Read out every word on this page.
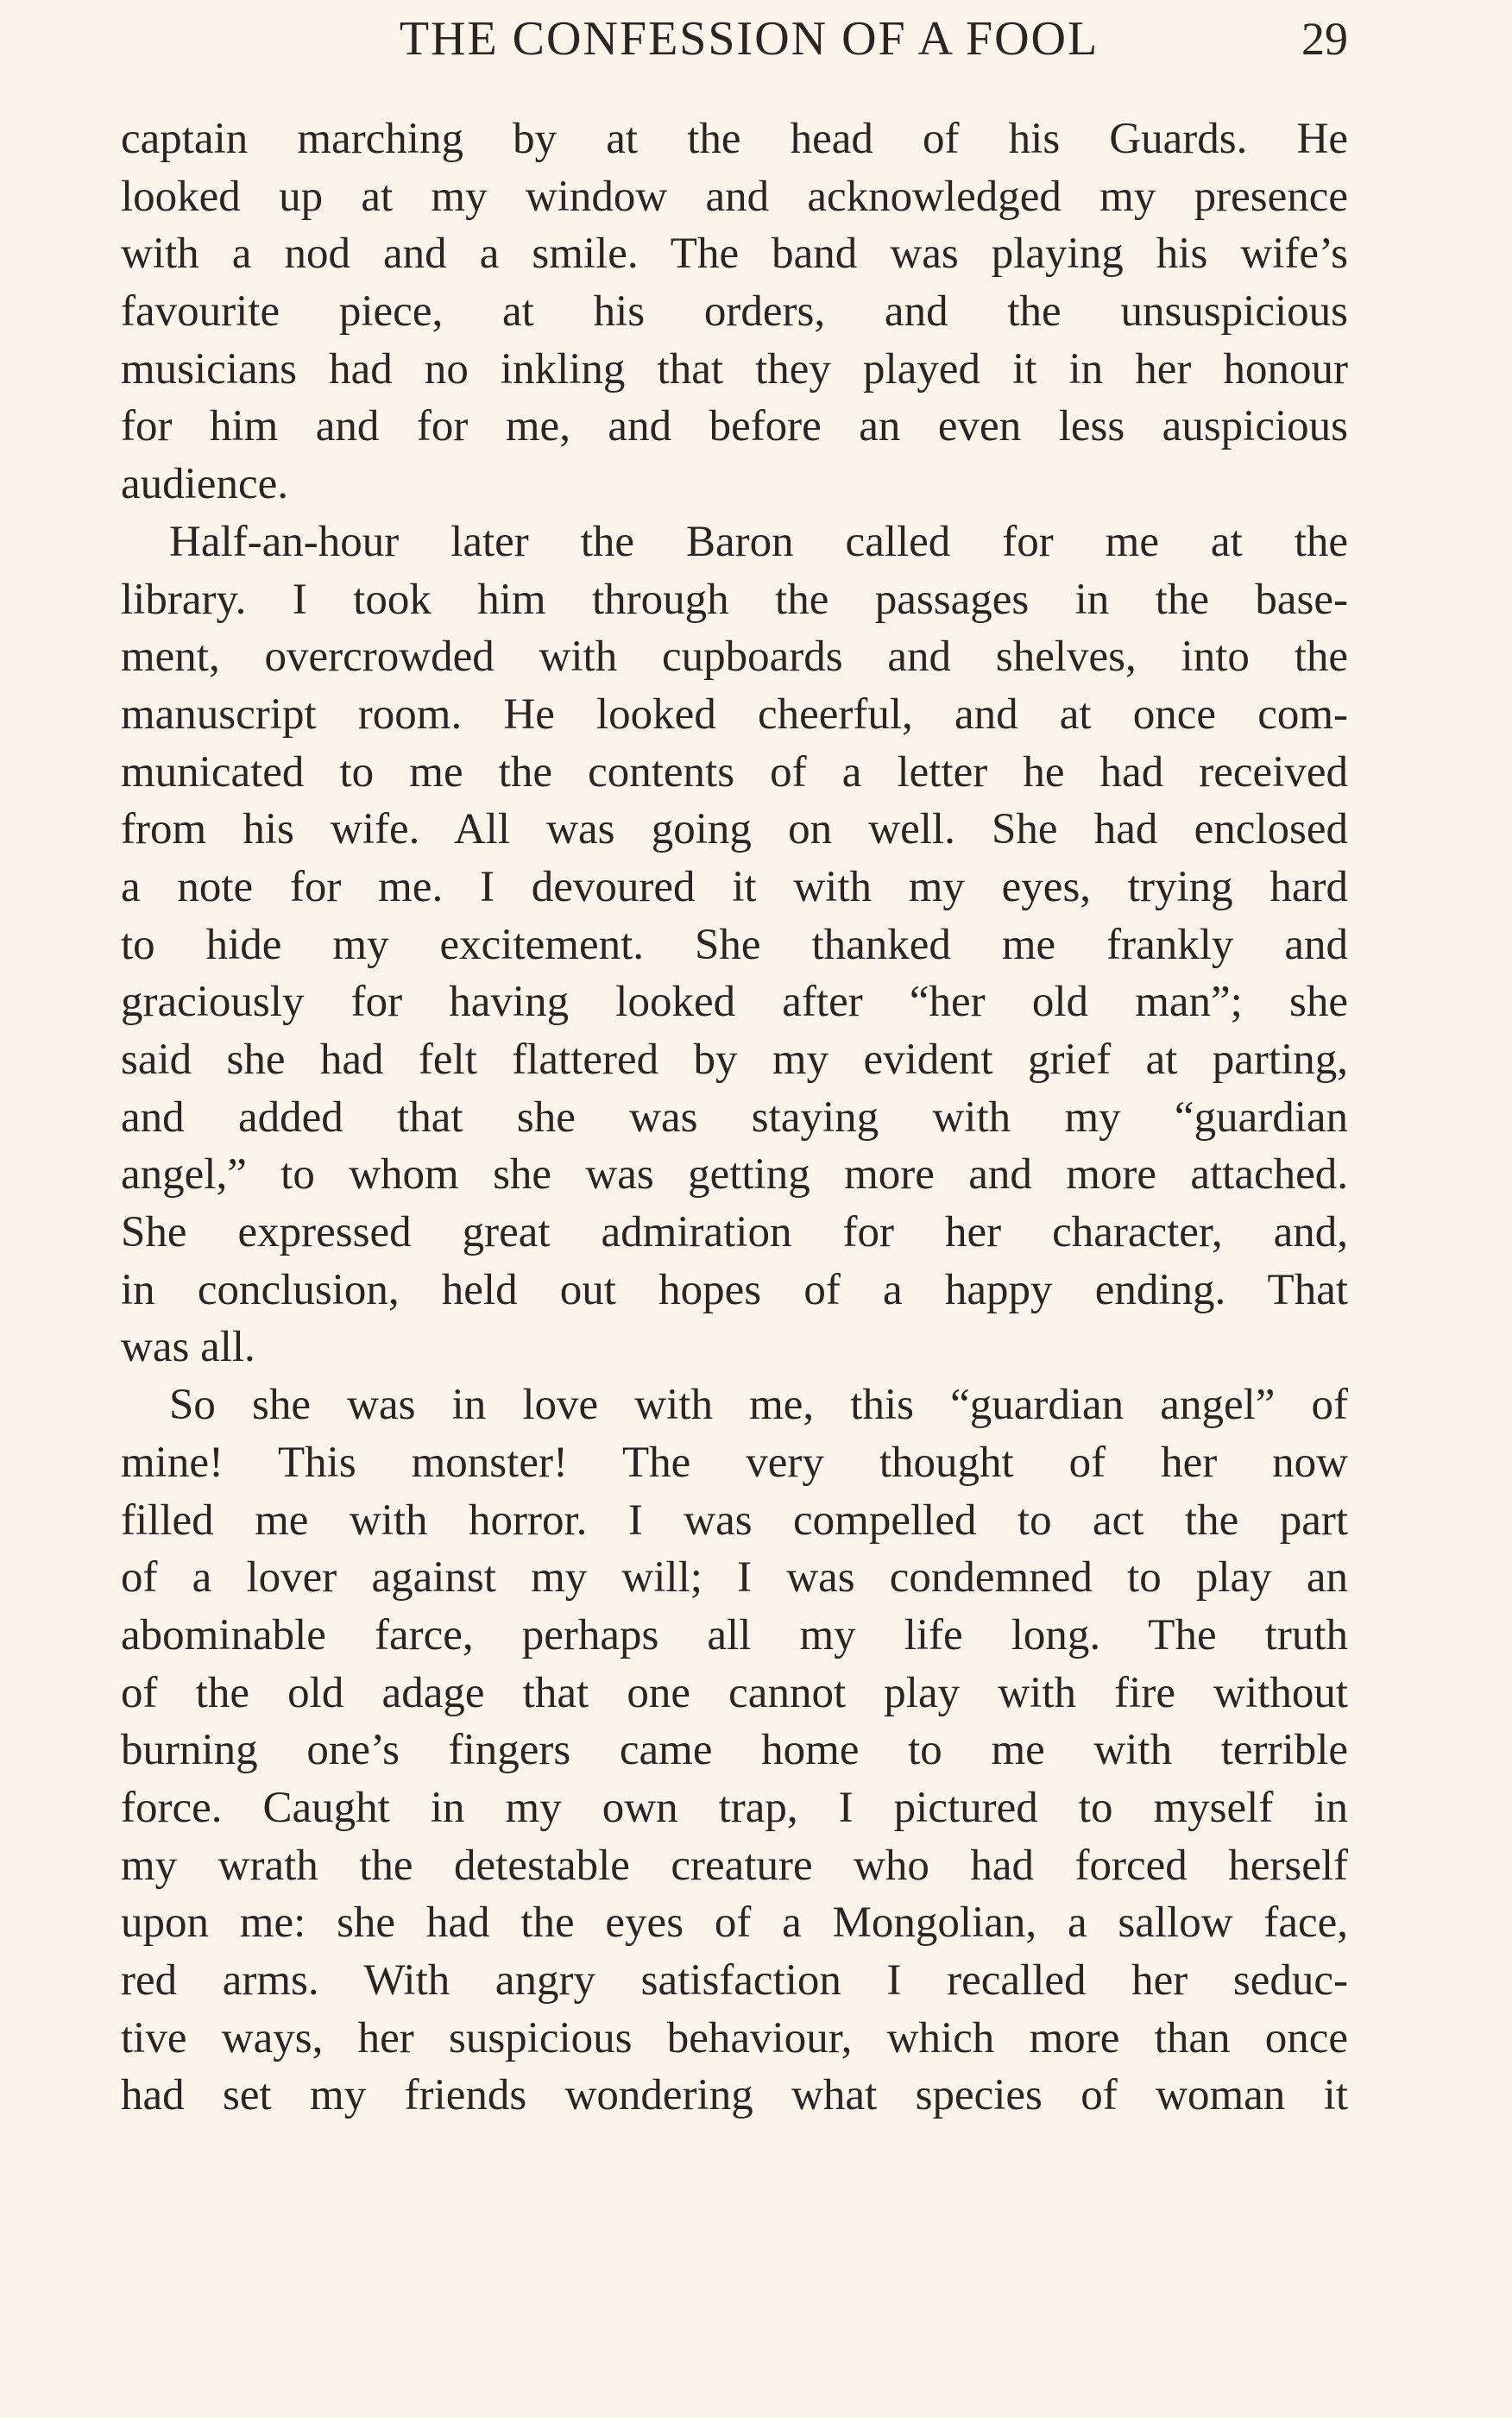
THE CONFESSION OF A FOOL	29
captain marching by at the head of his Guards. He
looked up at my window and acknowledged my presence
with a nod and a smile. The band was playing his wife’s
favourite piece, at his orders, and the unsuspicious
musicians had no inkling that they played it in her honour
for him and for me, and before an even less auspicious
audience.
Half-an-hour later the Baron called for me at the
library. I took him through the passages in the base-
ment, overcrowded with cupboards and shelves, into the
manuscript room. He looked cheerful, and at once com-
municated to me the contents of a letter he had received
from his wife. All was going on well. She had enclosed
a note for me. I devoured it with my eyes, trying hard
to hide my excitement. She thanked me frankly and
graciously for having looked after “her old man”; she
said she had felt flattered by my evident grief at parting,
and added that she was staying with my “guardian
angel,” to whom she was getting more and more attached.
She expressed great admiration for her character, and,
in conclusion, held out hopes of a happy ending. That
was all.
So she was in love with me, this “guardian angel” of
mine! This monster! The very thought of her now
filled me with horror. I was compelled to act the part
of a lover against my will; I was condemned to play an
abominable farce, perhaps all my life long. The truth
of the old adage that one cannot play with fire without
burning one’s fingers came home to me with terrible
force. Caught in my own trap, I pictured to myself in
my wrath the detestable creature who had forced herself
upon me: she had the eyes of a Mongolian, a sallow face,
red arms. With angry satisfaction I recalled her seduc-
tive ways, her suspicious behaviour, which more than once
had set my friends wondering what species of woman it
